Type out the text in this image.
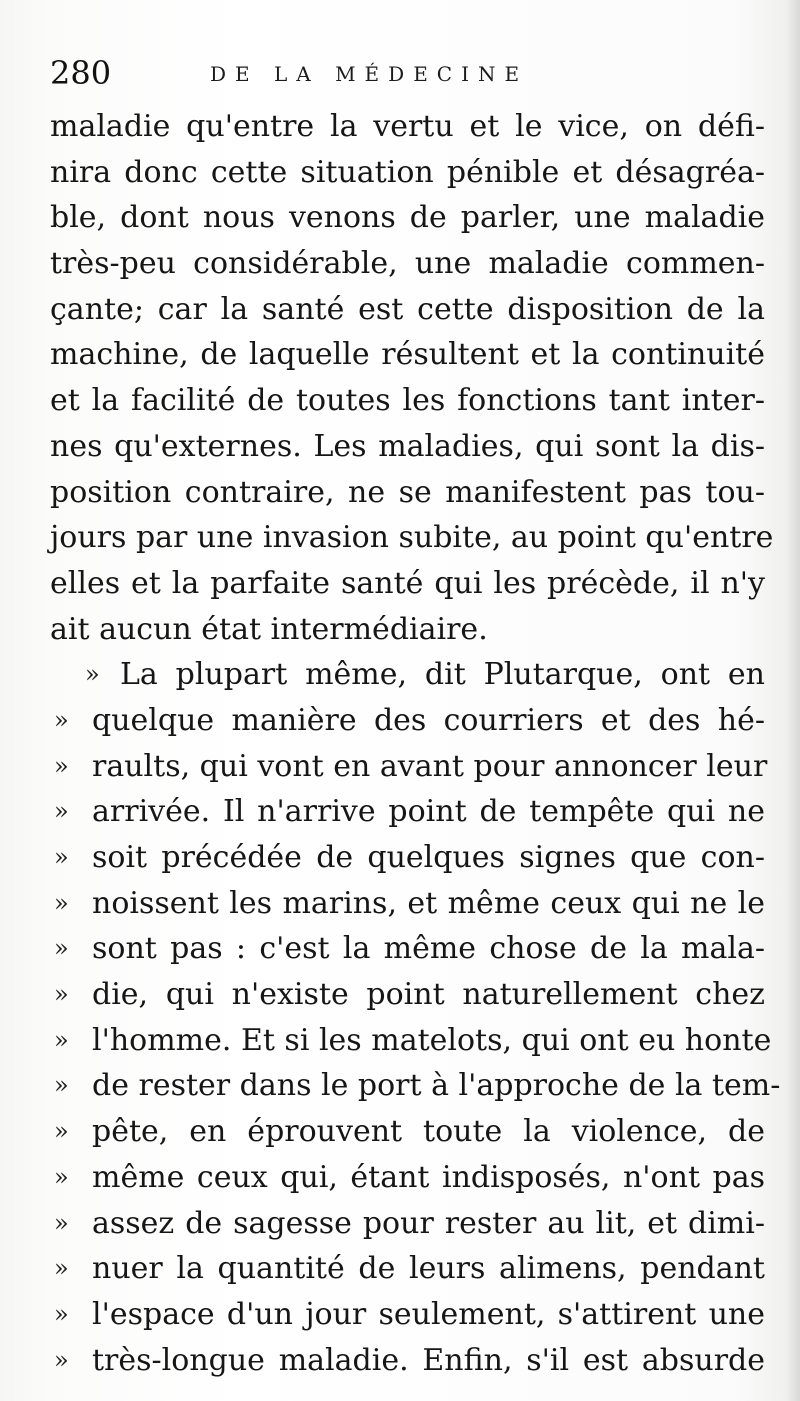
280	DE LA MÉDECINE
maladie qu'entre la vertu et le vice, on défi-
nira donc cette situation pénible et désagréa-
ble, dont nous venons de parler, une maladie
très-peu considérable, une maladie commen-
çante; car la santé est cette disposition de la
machine, de laquelle résultent et la continuité
et la facilité de toutes les fonctions tant inter-
nes qu'externes. Les maladies, qui sont la dis-
position contraire, ne se manifestent pas tou-
jours par une invasion subite, au point qu'entre
elles et la parfaite santé qui les précède, il n'y
ait aucun état intermédiaire.
» La plupart même, dit Plutarque, ont en
» quelque manière des courriers et des hé-
» raults, qui vont en avant pour annoncer leur
» arrivée. Il n'arrive point de tempête qui ne
» soit précédée de quelques signes que con-
» noissent les marins, et même ceux qui ne le
» sont pas : c'est la même chose de la mala-
» die, qui n'existe point naturellement chez
» l'homme. Et si les matelots, qui ont eu honte
» de rester dans le port à l'approche de la tem-
» pête, en éprouvent toute la violence, de
» même ceux qui, étant indisposés, n'ont pas
» assez de sagesse pour rester au lit, et dimi-
» nuer la quantité de leurs alimens, pendant
» l'espace d'un jour seulement, s'attirent une
» très-longue maladie. Enfin, s'il est absurde
